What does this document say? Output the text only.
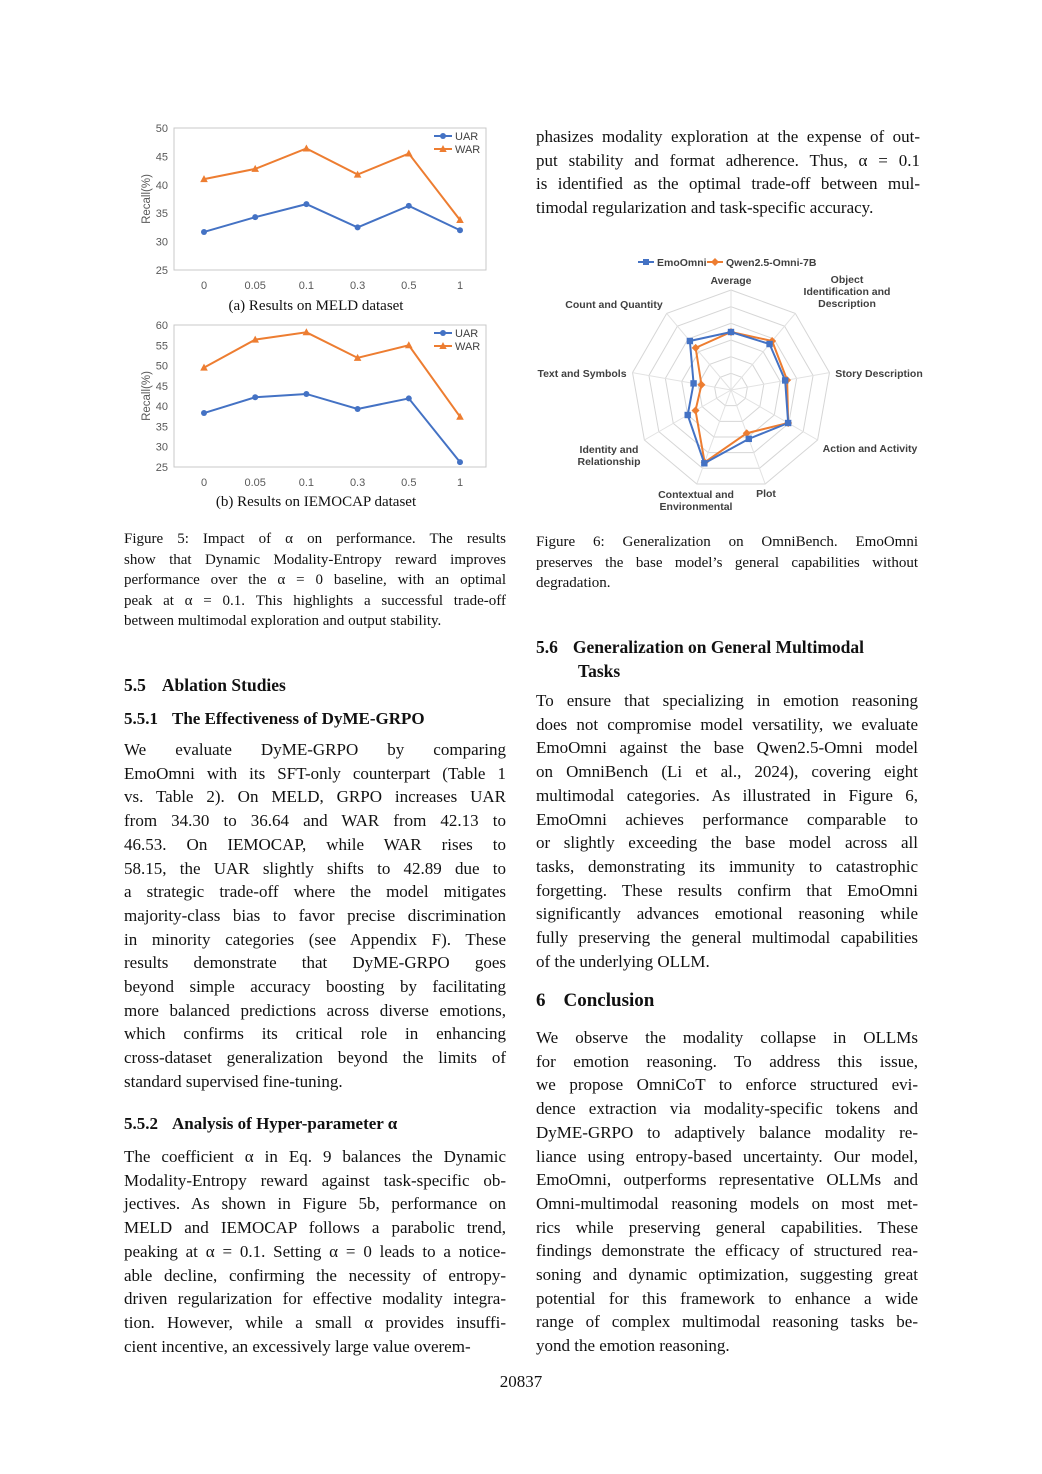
25
30
35
40
45
50
0	0.05	0.1	0.3	0.5	1
Recall(%)
UAR
WAR
(a) Results on MELD dataset
25
30
35
40
45
50
55
60
0	0.05	0.1	0.3	0.5	1
Recall(%)
UAR
WAR
(b) Results on IEMOCAP dataset
Figure 5: Impact of α on performance. The results
show that Dynamic Modality-Entropy reward improves
performance over the α = 0 baseline, with an optimal
peak at α = 0.1. This highlights a successful trade-off
between multimodal exploration and output stability.
5.5 Ablation Studies
5.5.1 The Effectiveness of DyME-GRPO
We evaluate DyME-GRPO by comparing
EmoOmni with its SFT-only counterpart (Table 1
vs. Table 2). On MELD, GRPO increases UAR
from 34.30 to 36.64 and WAR from 42.13 to
46.53. On IEMOCAP, while WAR rises to
58.15, the UAR slightly shifts to 42.89 due to
a strategic trade-off where the model mitigates
majority-class bias to favor precise discrimination
in minority categories (see Appendix F). These
results demonstrate that DyME-GRPO goes
beyond simple accuracy boosting by facilitating
more balanced predictions across diverse emotions,
which confirms its critical role in enhancing
cross-dataset generalization beyond the limits of
standard supervised fine-tuning.
5.5.2 Analysis of Hyper-parameter α
The coefficient α in Eq. 9 balances the Dynamic
Modality-Entropy reward against task-specific ob-
jectives. As shown in Figure 5b, performance on
MELD and IEMOCAP follows a parabolic trend,
peaking at α = 0.1. Setting α = 0 leads to a notice-
able decline, confirming the necessity of entropy-
driven regularization for effective modality integra-
tion. However, while a small α provides insuffi-
cient incentive, an excessively large value overem-
phasizes modality exploration at the expense of out-
put stability and format adherence. Thus, α = 0.1
is identified as the optimal trade-off between mul-
timodal regularization and task-specific accuracy.
Average	Object Identification and Description
Story Description
Action and Activity
Plot
Contextual and Environmental
Identity and Relationship
Text and Symbols
Count and Quantity
EmoOmni Qwen2.5-Omni-7B
Figure 6: Generalization on OmniBench. EmoOmni
preserves the base model’s general capabilities without
degradation.
5.6 Generalization on General Multimodal
Tasks
To ensure that specializing in emotion reasoning
does not compromise model versatility, we evaluate
EmoOmni against the base Qwen2.5-Omni model
on OmniBench (Li et al., 2024), covering eight
multimodal categories. As illustrated in Figure 6,
EmoOmni achieves performance comparable to
or slightly exceeding the base model across all
tasks, demonstrating its immunity to catastrophic
forgetting. These results confirm that EmoOmni
significantly advances emotional reasoning while
fully preserving the general multimodal capabilities
of the underlying OLLM.
6 Conclusion
We observe the modality collapse in OLLMs
for emotion reasoning. To address this issue,
we propose OmniCoT to enforce structured evi-
dence extraction via modality-specific tokens and
DyME-GRPO to adaptively balance modality re-
liance using entropy-based uncertainty. Our model,
EmoOmni, outperforms representative OLLMs and
Omni-multimodal reasoning models on most met-
rics while preserving general capabilities. These
findings demonstrate the efficacy of structured rea-
soning and dynamic optimization, suggesting great
potential for this framework to enhance a wide
range of complex multimodal reasoning tasks be-
yond the emotion reasoning.
20837
